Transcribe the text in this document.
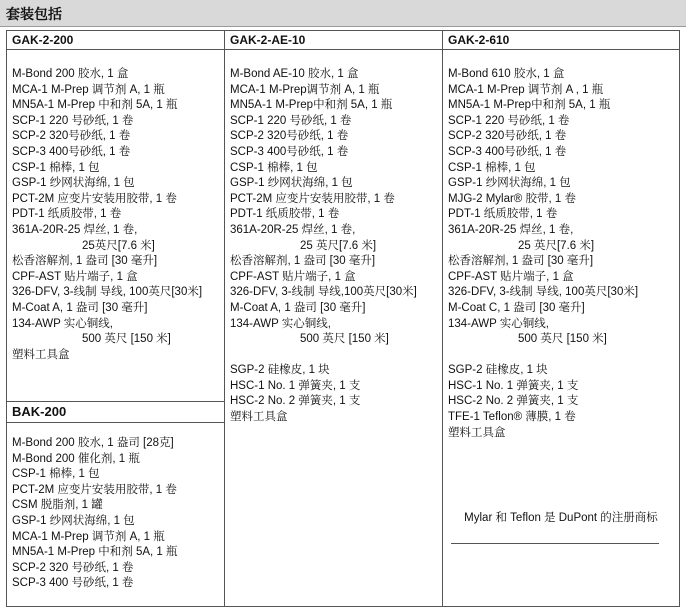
套装包括
GAK-2-200
M-Bond 200 胶水, 1 盒
MCA-1 M-Prep 调节剂 A, 1 瓶
MN5A-1 M-Prep 中和剂 5A, 1 瓶
SCP-1 220 号砂纸, 1 卷
SCP-2 320号砂纸, 1 卷
SCP-3 400号砂纸, 1 卷
CSP-1 棉棒, 1 包
GSP-1 纱网状海绵, 1 包
PCT-2M 应变片安装用胶带, 1 卷
PDT-1 纸质胶带, 1 卷
361A-20R-25 焊丝, 1 卷,
25英尺[7.6 米]
松香溶解剂, 1 盎司 [30 毫升]
CPF-AST 贴片端子, 1 盒
326-DFV, 3-线制 导线, 100英尺[30米]
M-Coat A, 1 盎司 [30 毫升]
134-AWP 实心铜线,
500 英尺 [150 米]
塑料工具盒
BAK-200
M-Bond 200 胶水, 1 盎司 [28克]
M-Bond 200 催化剂, 1 瓶
CSP-1 棉棒, 1 包
PCT-2M 应变片安装用胶带, 1 卷
CSM 脱脂剂, 1 罐
GSP-1 纱网状海绵, 1 包
MCA-1 M-Prep 调节剂 A, 1 瓶
MN5A-1 M-Prep 中和剂 5A, 1 瓶
SCP-2 320 号砂纸, 1 卷
SCP-3 400 号砂纸, 1 卷
GAK-2-AE-10
M-Bond AE-10 胶水, 1 盒
MCA-1 M-Prep调节剂 A, 1 瓶
MN5A-1 M-Prep中和剂 5A, 1 瓶
SCP-1 220 号砂纸, 1 卷
SCP-2 320号砂纸, 1 卷
SCP-3 400号砂纸, 1 卷
CSP-1 棉棒, 1 包
GSP-1 纱网状海绵, 1 包
PCT-2M 应变片安装用胶带, 1 卷
PDT-1 纸质胶带, 1 卷
361A-20R-25 焊丝, 1 卷,
25 英尺[7.6 米]
松香溶解剂, 1 盎司 [30 毫升]
CPF-AST 贴片端子, 1 盒
326-DFV, 3-线制 导线,100英尺[30米]
M-Coat A, 1 盎司 [30 毫升]
134-AWP 实心铜线,
500 英尺 [150 米]
SGP-2 硅橡皮, 1 块
HSC-1 No. 1 弹簧夹, 1 支
HSC-2 No. 2 弹簧夹, 1 支
塑料工具盒
GAK-2-610
M-Bond 610 胶水, 1 盒
MCA-1 M-Prep 调节剂 A , 1 瓶
MN5A-1 M-Prep中和剂 5A, 1 瓶
SCP-1 220 号砂纸, 1 卷
SCP-2 320号砂纸, 1 卷
SCP-3 400号砂纸, 1 卷
CSP-1 棉棒, 1 包
GSP-1 纱网状海绵, 1 包
MJG-2 Mylar® 胶带, 1 卷
PDT-1 纸质胶带, 1 卷
361A-20R-25 焊丝, 1 卷,
25 英尺[7.6 米]
松香溶解剂, 1 盎司 [30 毫升]
CPF-AST 贴片端子, 1 盒
326-DFV, 3-线制 导线, 100英尺[30米]
M-Coat C, 1 盎司 [30 毫升]
134-AWP 实心铜线,
500 英尺 [150 米]
SGP-2 硅橡皮, 1 块
HSC-1 No. 1 弹簧夹, 1 支
HSC-2 No. 2 弹簧夹, 1 支
TFE-1 Teflon® 薄膜, 1 卷
塑料工具盒
Mylar 和 Teflon 是 DuPont 的注册商标
